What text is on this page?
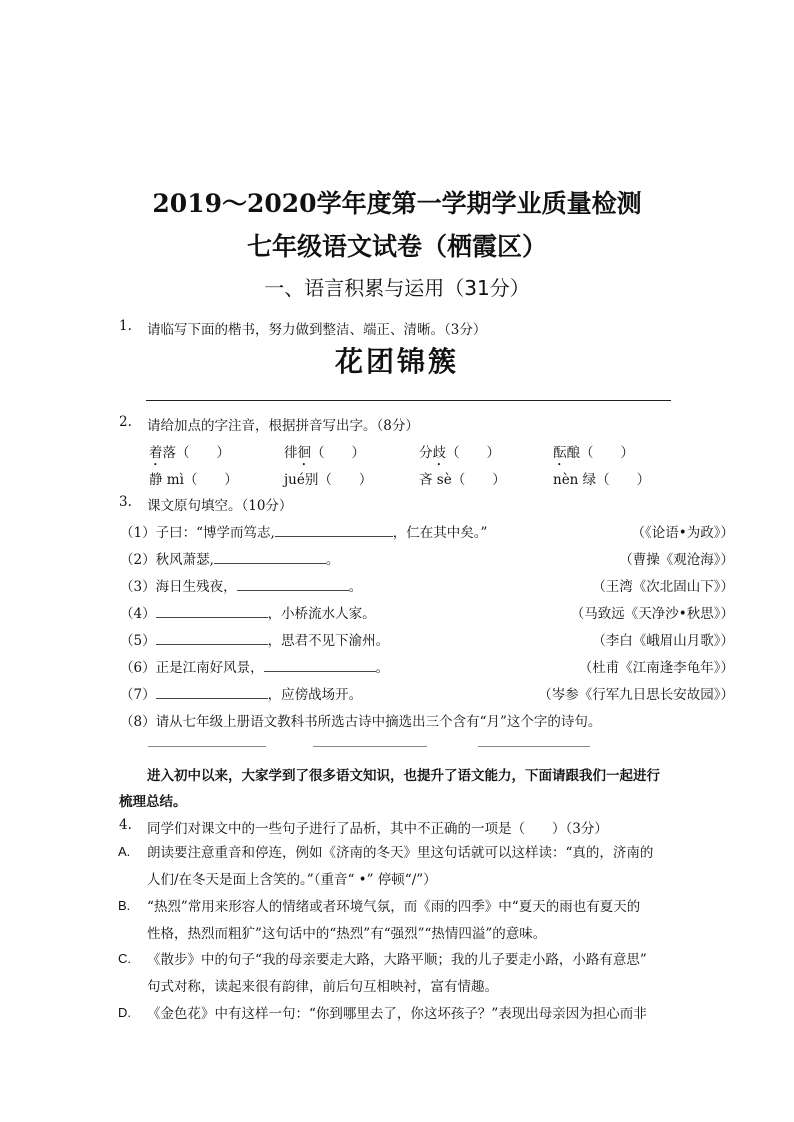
2019～2020学年度第一学期学业质量检测
七年级语文试卷（栖霞区）
一、语言积累与运用（31分）
1. 请临写下面的楷书，努力做到整洁、端正、清晰。（3分）
花团锦簇
2. 请给加点的字注音，根据拼音写出字。（8分）
着落（　　）	徘徊（　　）	分歧（　　）	酝酿（　　）
静 mì（　　）	jué别（　　）	吝 sè（　　）	nèn 绿（　　）
3. 课文原句填空。（10分）
（1）子曰：“博学而笃志,	，仁在其中矣。”	（《论语•为政》）
（2）秋风萧瑟,	。	（曹操《观沧海》）
（3）海日生残夜，	。	（王湾《次北固山下》）
（4）	，小桥流水人家。	（马致远《天净沙•秋思》）
（5）	，思君不见下渝州。	（李白《峨眉山月歌》）
（6）正是江南好风景，	。	（杜甫《江南逢李龟年》）
（7）	，应傍战场开。	（岑参《行军九日思长安故园》）
（8）请从七年级上册语文教科书所选古诗中摘选出三个含有“月”这个字的诗句。
进入初中以来，大家学到了很多语文知识，也提升了语文能力，下面请跟我们一起进行
梳理总结。
4. 同学们对课文中的一些句子进行了品析，其中不正确的一项是（　　）（3分）
A. 朗读要注意重音和停连，例如《济南的冬天》里这句话就可以这样读：“真的，济南的
人们/在冬天是面上含笑的。”（重音“ •” 停顿“/”）
B. “热烈”常用来形容人的情绪或者环境气氛，而《雨的四季》中“夏天的雨也有夏天的
性格，热烈而粗犷”这句话中的“热烈”有“强烈”“热情四溢”的意味。
C. 《散步》中的句子“我的母亲要走大路，大路平顺；我的儿子要走小路，小路有意思”
句式对称，读起来很有韵律，前后句互相映衬，富有情趣。
D. 《金色花》中有这样一句：“你到哪里去了，你这坏孩子？”表现出母亲因为担心而非
